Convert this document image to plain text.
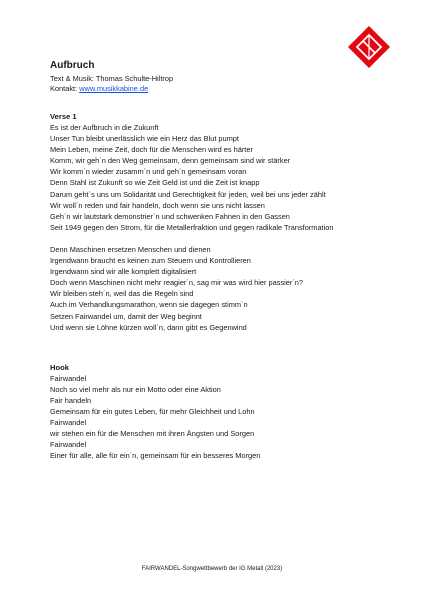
Aufbruch
Text & Musik: Thomas Schulte-Hiltrop
Kontakt: www.musikkabine.de
Verse 1
Es ist der Aufbruch in die Zukunft
Unser Tun bleibt unerlässlich wie ein Herz das Blut pumpt
Mein Leben, meine Zeit, doch für die Menschen wird es härter
Komm, wir geh´n den Weg gemeinsam, denn gemeinsam sind wir stärker
Wir komm´n wieder zusamm´n und geh´n gemeinsam voran
Denn Stahl ist Zukunft so wie Zeit Geld ist und die Zeit ist knapp
Darum geht´s uns um Solidarität und Gerechtigkeit für jeden, weil bei uns jeder zählt
Wir woll´n reden und fair handeln, doch wenn sie uns nicht lassen
Geh´n wir lautstark demonstrier´n und schwenken Fahnen in den Gassen
Seit 1949 gegen den Strom, für die Metallerfraktion und gegen radikale Transformation
Denn Maschinen ersetzen Menschen und dienen
Irgendwann braucht es keinen zum Steuern und Kontrollieren
Irgendwann sind wir alle komplett digitalisiert
Doch wenn Maschinen nicht mehr reagier´n, sag mir was wird hier passier´n?
Wir bleiben steh´n, weil das die Regeln sind
Auch im Verhandlungsmarathon, wenn sie dagegen stimm´n
Setzen Fairwandel um, damit der Weg beginnt
Und wenn sie Löhne kürzen woll´n, dann gibt es Gegenwind
Hook
Fairwandel
Noch so viel mehr als nur ein Motto oder eine Aktion
Fair handeln
Gemeinsam für ein gutes Leben, für mehr Gleichheit und Lohn
Fairwandel
wir stehen ein für die Menschen mit ihren Ängsten und Sorgen
Fairwandel
Einer für alle, alle für ein´n, gemeinsam für ein besseres Morgen
FAIRWANDEL-Songwettbewerb der IG Metall (2023)
